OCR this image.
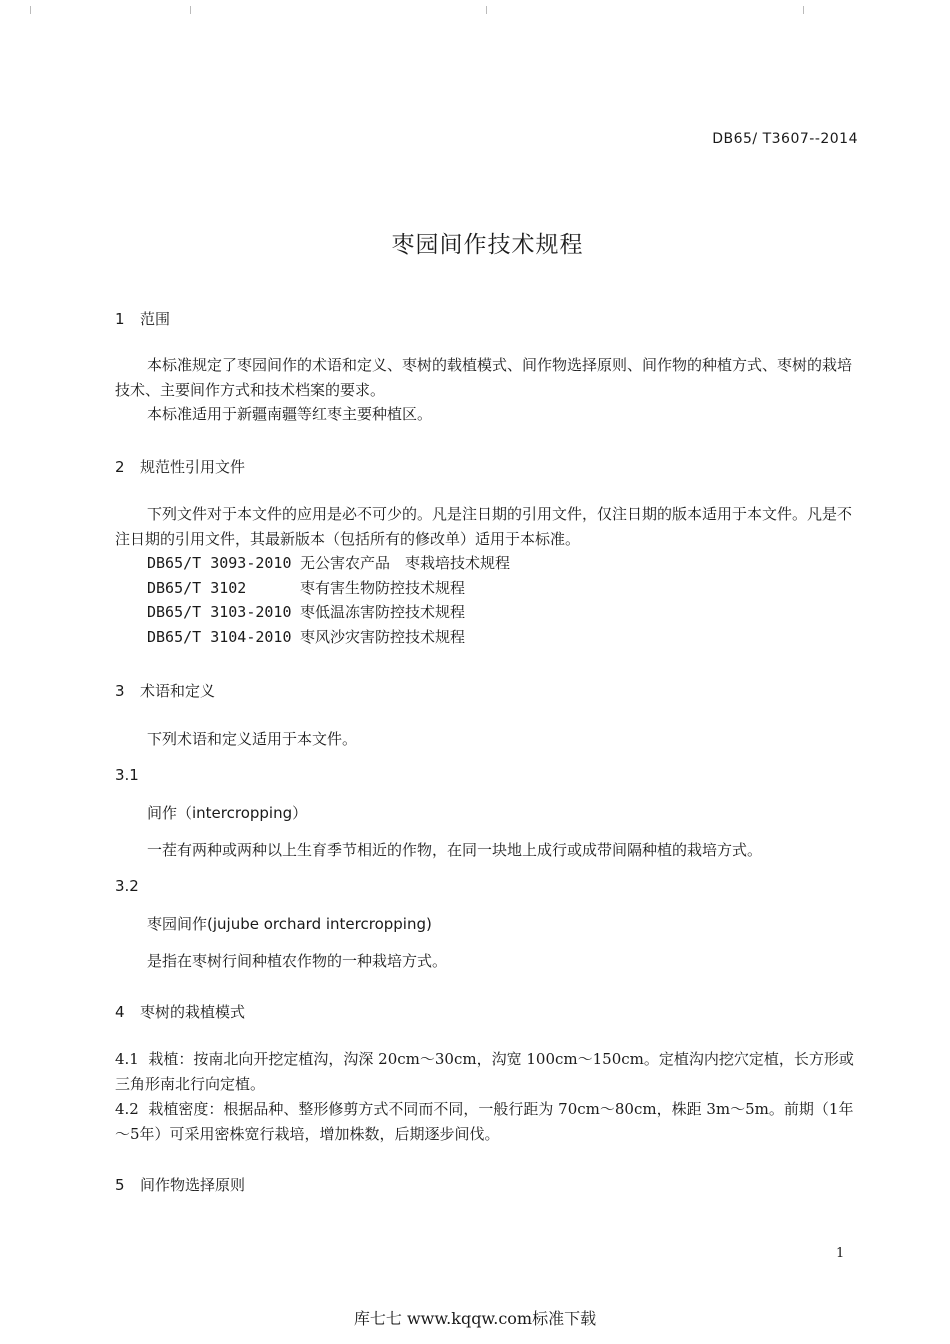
DB65/ T3607--2014
枣园间作技术规程
1 范围
本标准规定了枣园间作的术语和定义、枣树的载植模式、间作物选择原则、间作物的种植方式、枣树的栽培技术、主要间作方式和技术档案的要求。
本标准适用于新疆南疆等红枣主要种植区。
2 规范性引用文件
下列文件对于本文件的应用是必不可少的。凡是注日期的引用文件，仅注日期的版本适用于本文件。凡是不注日期的引用文件，其最新版本（包括所有的修改单）适用于本标准。
DB65/T 3093-2010 无公害农产品　枣栽培技术规程
DB65/T 3102	枣有害生物防控技术规程
DB65/T 3103-2010 枣低温冻害防控技术规程
DB65/T 3104-2010 枣风沙灾害防控技术规程
3 术语和定义
下列术语和定义适用于本文件。
3.1
间作（intercropping）
一茬有两种或两种以上生育季节相近的作物，在同一块地上成行或成带间隔种植的栽培方式。
3.2
枣园间作(jujube orchard intercropping)
是指在枣树行间种植农作物的一种栽培方式。
4 枣树的栽植模式
4.1 栽植：按南北向开挖定植沟，沟深 20cm～30cm，沟宽 100cm～150cm。定植沟内挖穴定植，长方形或三角形南北行向定植。
4.2 栽植密度：根据品种、整形修剪方式不同而不同，一般行距为 70cm～80cm，株距 3m～5m。前期（1年～5年）可采用密株宽行栽培，增加株数，后期逐步间伐。
5 间作物选择原则
1
库七七 www.kqqw.com标准下载
